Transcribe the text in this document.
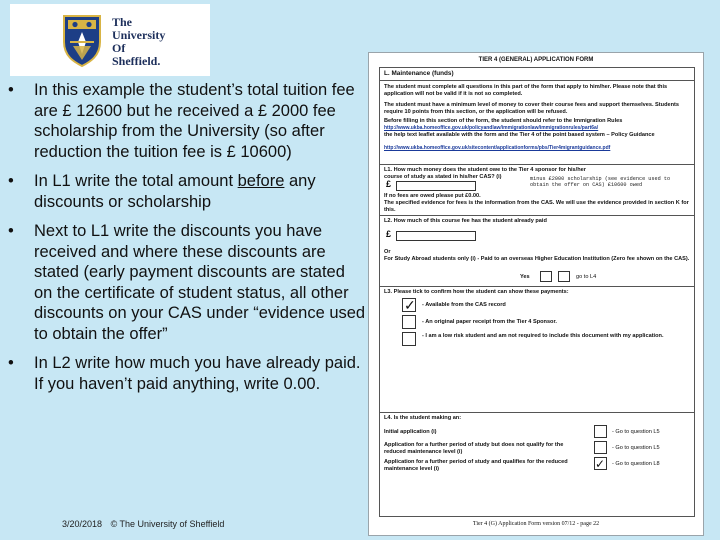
The
University
Of
Sheffield.
• In this example the student’s total tuition fee are £ 12600 but he received a £ 2000 fee scholarship from the University (so after reduction the tuition fee is £ 10600)
• In L1 write the total amount before any discounts or scholarship
• Next to L1 write the discounts you have received and where these discounts are stated (early payment discounts are stated on the certificate of student status, all other discounts on your CAS under “evidence used to obtain the offer”
• In L2 write how much you have already paid. If you haven’t paid anything, write 0.00.
3/20/2018 © The University of Sheffield
TIER 4 (GENERAL) APPLICATION FORM
L. Maintenance (funds)
The student must complete all questions in this part of the form that apply to him/her. Please note that this application will not be valid if it is not so completed.
The student must have a minimum level of money to cover their course fees and support themselves. Students require 10 points from this section, or the application will be refused.
Before filling in this section of the form, the student should refer to the Immigration Rules
http://www.ukba.homeoffice.gov.uk/policyandlaw/immigrationlaw/immigrationrules/part6a/
the help text leaflet available with the form and the Tier 4 of the point based system – Policy Guidance
http://www.ukba.homeoffice.gov.uk/sitecontent/applicationforms/pbs/Tier4migrantguidance.pdf
L1. How much money does the student owe to the Tier 4 sponsor for his/her course of study as stated in his/her CAS? (i)
£	minus £2000 scholarship (see evidence used to obtain the offer on CAS) £10600 owed
If no fees are owed please put £0.00.
The specified evidence for fees is the information from the CAS. We will use the evidence provided in section K for this.
L2. How much of this course fee has the student already paid
£
Or
For Study Abroad students only (i) - Paid to an overseas Higher Education Institution (Zero fee shown on the CAS).
Yes	go to L4
L3. Please tick to confirm how the student can show these payments:
✓ - Available from the CAS record
- An original paper receipt from the Tier 4 Sponsor.
- I am a low risk student and am not required to include this document with my application.
L4. Is the student making an:
Initial application (i)	- Go to question L5
Application for a further period of study but does not qualify for the reduced maintenance level (i)
- Go to question L5
Application for a further period of study and qualifies for the reduced maintenance level (i)	✓ - Go to question L8
Tier 4 (G) Application Form version 07/12 - page 22
